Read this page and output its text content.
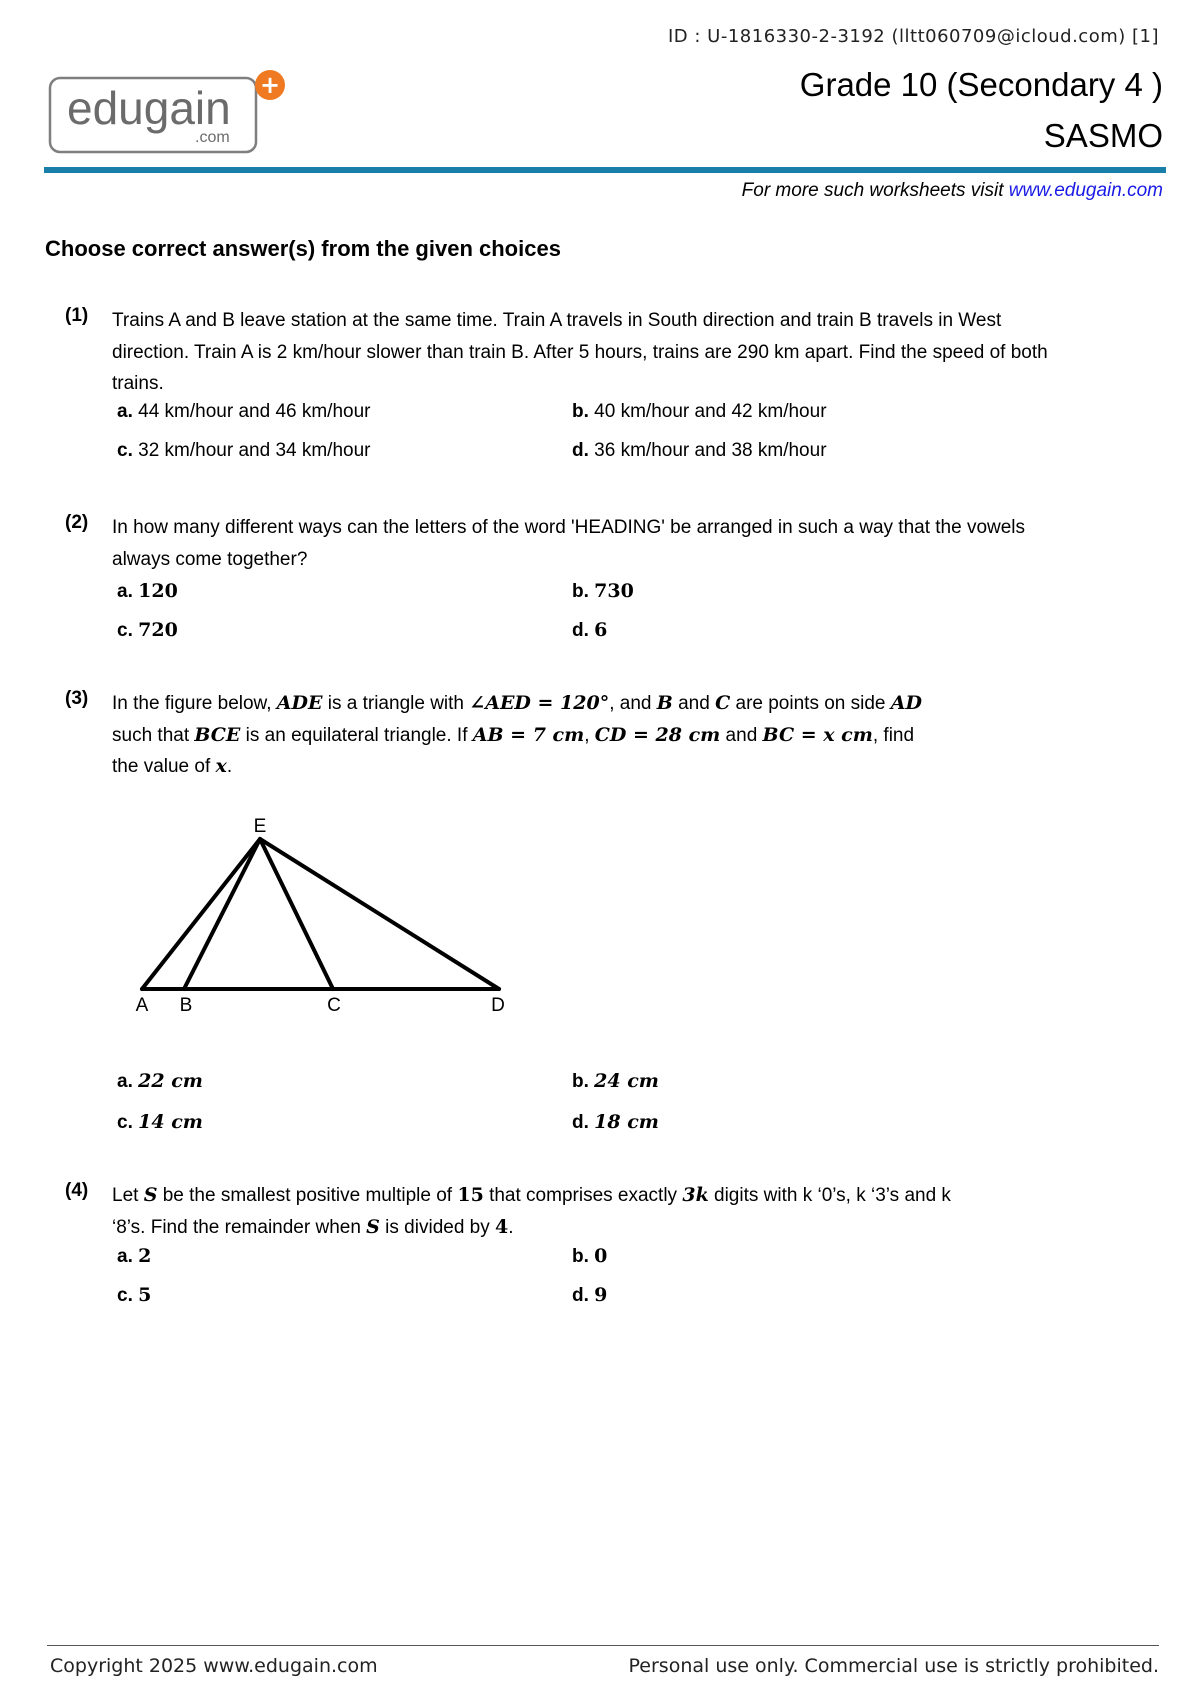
ID : U-1816330-2-3192 (lltt060709@icloud.com) [1]
edugain
.com
+	Grade 10 (Secondary 4 )
SASMO
For more such worksheets visit www.edugain.com
Choose correct answer(s) from the given choices
(1) Trains A and B leave station at the same time. Train A travels in South direction and train B travels in West direction. Train A is 2 km/hour slower than train B. After 5 hours, trains are 290 km apart. Find the speed of both trains.
a. 44 km/hour and 46 km/hour	b. 40 km/hour and 42 km/hour
c. 32 km/hour and 34 km/hour	d. 36 km/hour and 38 km/hour
(2) In how many different ways can the letters of the word 'HEADING' be arranged in such a way that the vowels always come together?
a. 120	b. 730
c. 720	d. 6
(3) In the figure below, ADE is a triangle with ∠AED = 120°, and B and C are points on side AD
such that BCE is an equilateral triangle. If AB = 7 cm, CD = 28 cm and BC = x cm, find
the value of x.
a. 22 cm	b. 24 cm
c. 14 cm	d. 18 cm
E
A B	C	D
(4) Let S be the smallest positive multiple of 15 that comprises exactly 3k digits with k ‘0’s, k ‘3’s and k
‘8’s. Find the remainder when S is divided by 4.
a. 2	b. 0
c. 5	d. 9
Copyright 2025 www.edugain.com	Personal use only. Commercial use is strictly prohibited.
